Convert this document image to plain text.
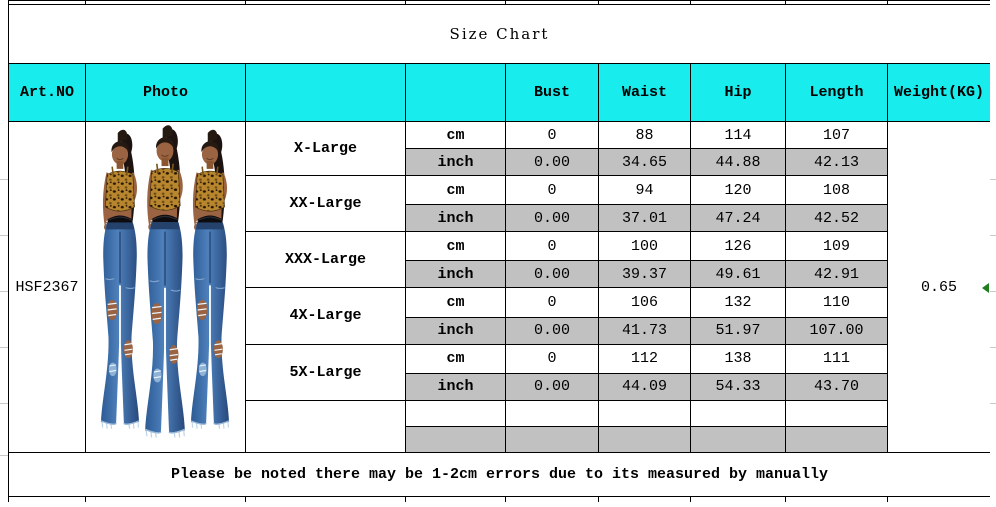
Size Chart								
Art.NO	Photo			Bust	Waist	Hip	Length	Weight(KG)
HSF2367		X-Large	cm	0	88	114	107	0.65
			inch	0.00	34.65	44.88	42.13	
		XX-Large	cm	0	94	120	108	
			inch	0.00	37.01	47.24	42.52	
		XXX-Large	cm	0	100	126	109	
			inch	0.00	39.37	49.61	42.91	
		4X-Large	cm	0	106	132	110	
			inch	0.00	41.73	51.97	107.00	
		5X-Large	cm	0	112	138	111	
			inch	0.00	44.09	54.33	43.70	

Please be noted there may be 1-2cm errors due to its measured by manually								
